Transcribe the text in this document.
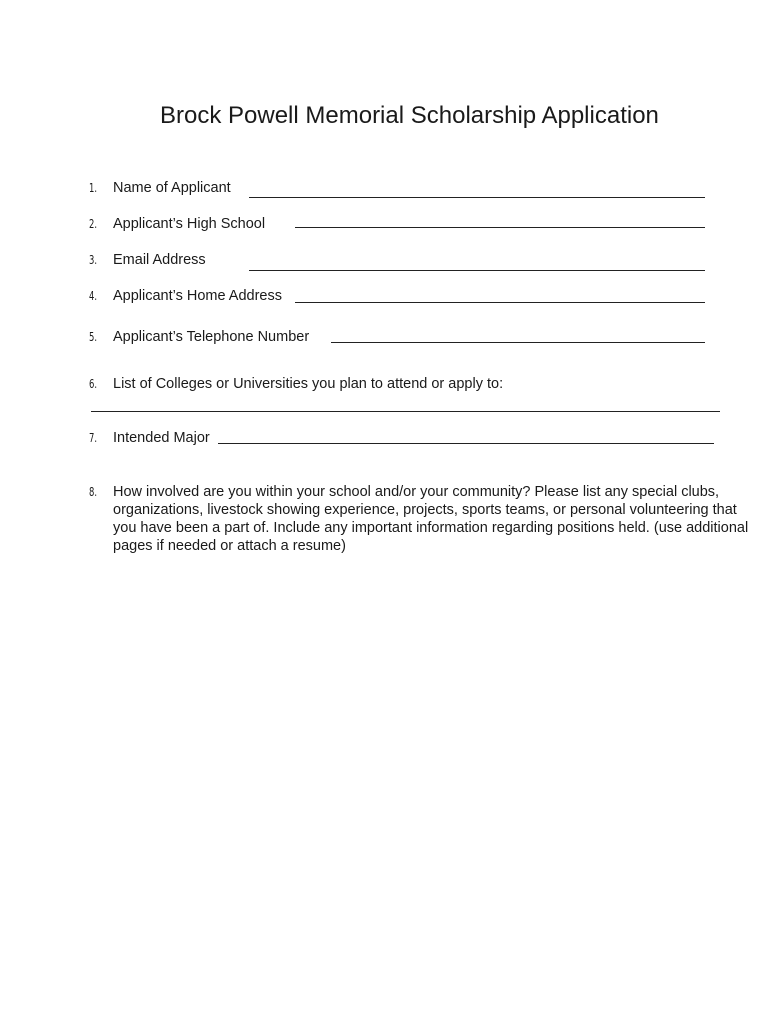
Brock Powell Memorial Scholarship Application
1. Name of Applicant
2. Applicant’s High School
3. Email Address
4. Applicant’s Home Address
5. Applicant’s Telephone Number
6. List of Colleges or Universities you plan to attend or apply to:
7. Intended Major
8. How involved are you within your school and/or your community? Please list any special clubs, organizations, livestock showing experience, projects, sports teams, or personal volunteering that you have been a part of. Include any important information regarding positions held. (use additional pages if needed or attach a resume)
